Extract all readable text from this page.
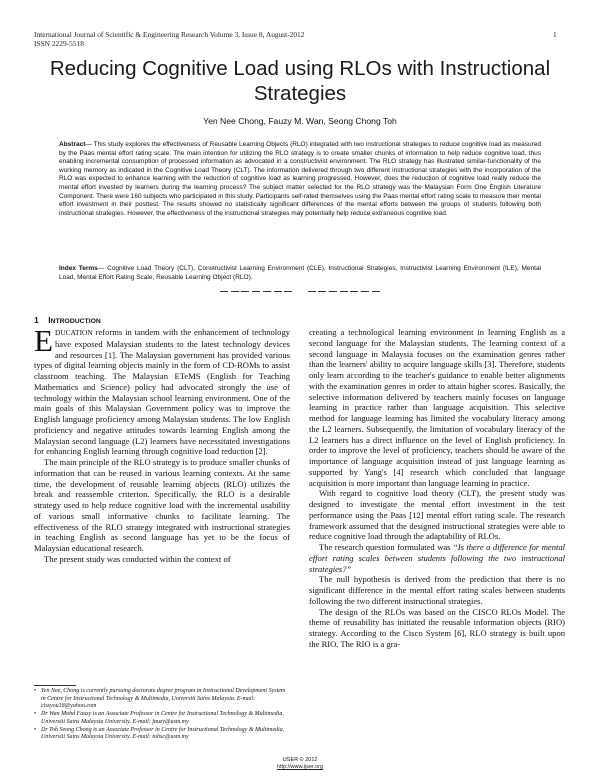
International Journal of Scientific & Engineering Research Volume 3, Issue 8, August-2012
ISSN 2229-5518
1
Reducing Cognitive Load using RLOs with Instructional Strategies
Yen Nee Chong, Fauzy M. Wan, Seong Chong Toh
Abstract— This study explores the effectiveness of Reusable Learning Objects (RLO) integrated with two instructional strategies to reduce cognitive load as measured by the Paas mental effort rating scale. The main intention for utilizing the RLO strategy is to create smaller chunks of information to help reduce cognitive load, thus enabling incremental consumption of processed information as advocated in a constructivist environment. The RLO strategy has illustrated similar-functionality of the working memory as indicated in the Cognitive Load Theory (CLT). The information delivered through two different instructional strategies with the incorporation of the RLO was expected to enhance learning with the reduction of cognitive load as learning progressed. However, does the reduction of cognitive load really reduce the mental effort invested by learners during the learning process? The subject matter selected for the RLO strategy was the Malaysian Form One English Literature Component. There were 160 subjects who participated in this study. Participants self-rated themselves using the Paas mental effort rating scale to measure their mental effort investment in their posttest. The results showed no statistically significant differences of the mental efforts between the groups of students following both instructional strategies. However, the effectiveness of the instructional strategies may potentially help reduce extraneous cognitive load.
Index Terms— Cognitive Load Theory (CLT), Constructivist Learning Environment (CLE), Instructional Strategies, Instructivist Learning Environment (ILE), Mental Load, Mental Effort Rating Scale, Reusable Learning Object (RLO).
1 INTRODUCTION

EDUCATION reforms in tandem with the enhancement of technology have exposed Malaysian students to the latest technology devices and resources [1]. The Malaysian government has provided various types of digital learning objects mainly in the form of CD-ROMs to assist classroom teaching. The Malaysian ETeMS (English for Teaching Mathematics and Science) policy had advocated strongly the use of technology within the Malaysian school learning environment. One of the main goals of this Malaysian Government policy was to improve the English language proficiency among Malaysian students. The low English proficiency and negative attitudes towards learning English among the Malaysian second language (L2) learners have necessitated investigations for enhancing English learning through cognitive load reduction [2].

The main principle of the RLO strategy is to produce smaller chunks of information that can be reused in various learning contexts. At the same time, the development of reusable learning objects (RLO) utilizes the break and reassemble criterion. Specifically, the RLO is a desirable strategy used to help reduce cognitive load with the incremental usability of various small informative chunks to facilitate learning. The effectiveness of the RLO strategy integrated with instructional strategies in teaching English as second language has yet to be the focus of Malaysian educational research.

The present study was conducted within the context of

• Yen Nee, Chong is currently pursuing doctorate degree program in Instructional Development System in Centre for Instructional Technology & Multimedia, Universiti Sains Malaysia. E-mail: cissyou18@yahoo.com
• Dr Wan Mohd Fauzy is an Associate Professor in Centre for Instructional Technology & Multimedia, Universiti Sains Malaysia University. E-mail: fauzy@usm.my
• Dr Toh Seong Chong is an Associate Professor in Centre for Instructional Technology & Multimedia, Universiti Sains Malaysia University. E-mail: tohsc@usm.my

creating a technological learning environment in learning English as a second language for the Malaysian students. The learning context of a second language in Malaysia focuses on the examination genres rather than the learners' ability to acquire language skills [3]. Therefore, students only learn according to the teacher's guidance to enable better alignments with the examination genres in order to attain higher scores. Basically, the selective information delivered by teachers mainly focuses on language learning in practice rather than language acquisition. This selective method for language learning has limited the vocabulary literacy among the L2 learners. Subsequently, the limitation of vocabulary literacy of the L2 learners has a direct influence on the level of English proficiency. In order to improve the level of proficiency, teachers should be aware of the importance of language acquisition instead of just language learning as supported by Yang's [4] research which concluded that language acquisition is more important than language learning in practice.

With regard to cognitive load theory (CLT), the present study was designed to investigate the mental effort investment in the test performance using the Paas [12] mental effort rating scale. The research framework assumed that the designed instructional strategies were able to reduce cognitive load through the adaptability of RLOs.

The research question formulated was “Is there a difference for mental effort rating scales between students following the two instructional strategies?”

The null hypothesis is derived from the prediction that there is no significant difference in the mental effort rating scales between students following the two different instructional strategies.

The design of the RLOs was based on the CISCO RLOs Model. The theme of reusability has initiated the reusable information objects (RIO) strategy. According to the Cisco System [6], RLO strategy is built upon the RIO. The RIO is a gra-

IJSER © 2012
http://www.ijser.org
